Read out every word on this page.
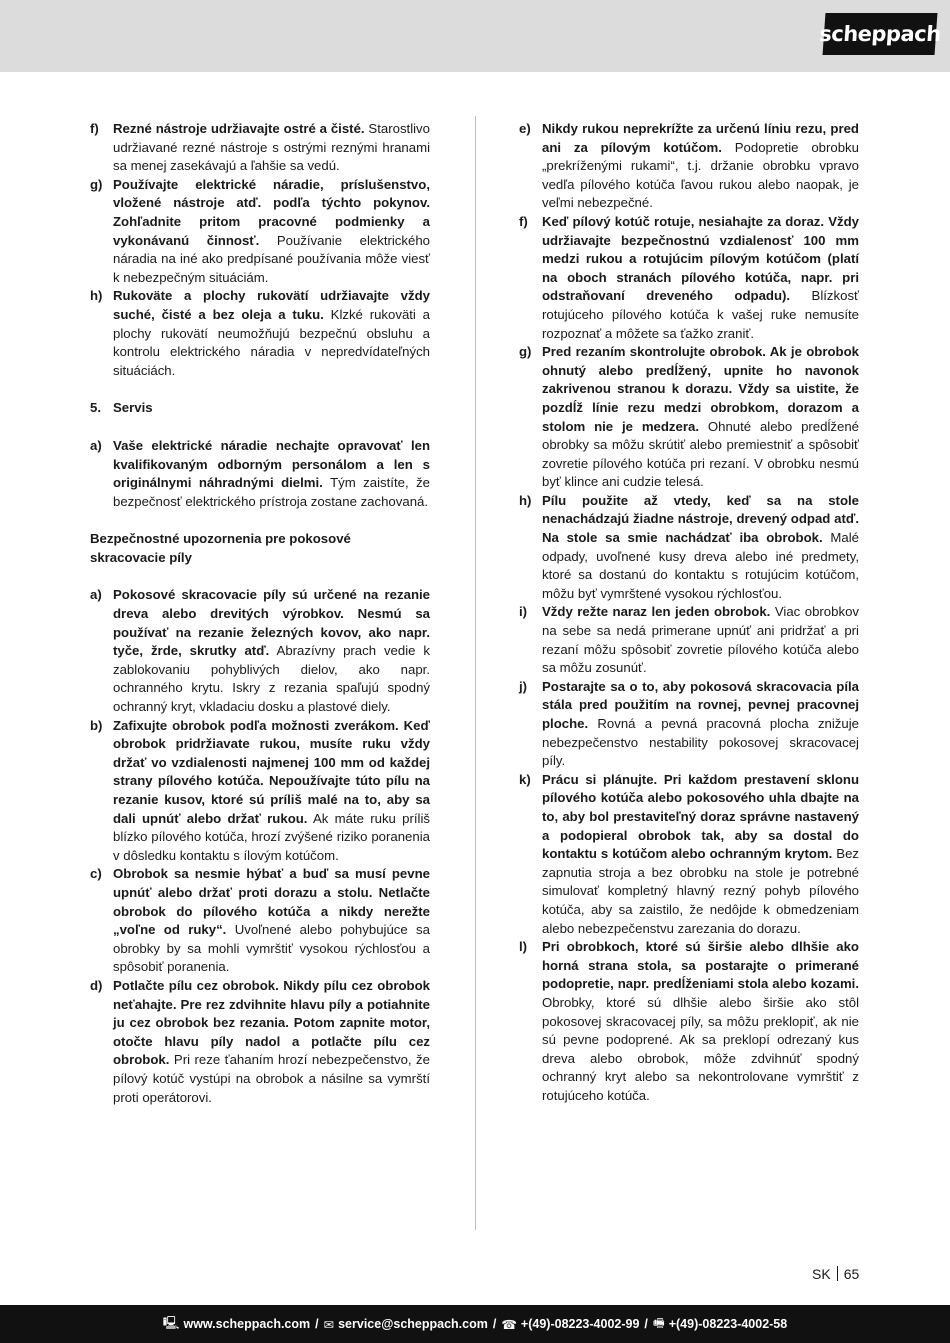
scheppach
f)	Rezné nástroje udržiavajte ostré a čisté. Starostlivo udržiavané rezné nástroje s ostrými reznými hranami sa menej zasekávajú a ľahšie sa vedú.
g) Používajte elektrické náradie, príslušenstvo, vložené nástroje atď. podľa týchto pokynov. Zohľadnite pritom pracovné podmienky a vykonávanú činnosť. Používanie elektrického náradia na iné ako predpísané používania môže viesť k nebezpečným situáciám.
h) Rukoväte a plochy rukovätí udržiavajte vždy suché, čisté a bez oleja a tuku. Klzké rukoväti a plochy rukovätí neumožňujú bezpečnú obsluhu a kontrolu elektrického náradia v nepredvídateľných situáciách.
5. Servis
a) Vaše elektrické náradie nechajte opravovať len kvalifikovaným odborným personálom a len s originálnymi náhradnými dielmi. Tým zaistíte, že bezpečnosť elektrického prístroja zostane zachovaná.
Bezpečnostné upozornenia pre pokosové skracovacie píly
a) Pokosové skracovacie píly sú určené na rezanie dreva alebo drevitých výrobkov. Nesmú sa používať na rezanie železných kovov, ako napr. tyče, žrde, skrutky atď. Abrazívny prach vedie k zablokovaniu pohyblivých dielov, ako napr. ochranného krytu. Iskry z rezania spaľujú spodný ochranný kryt, vkladaciu dosku a plastové diely.
b) Zafixujte obrobok podľa možnosti zverákom. Keď obrobok pridržiavate rukou, musíte ruku vždy držať vo vzdialenosti najmenej 100 mm od každej strany pílového kotúča. Nepoužívajte túto pílu na rezanie kusov, ktoré sú príliš malé na to, aby sa dali upnúť alebo držať rukou. Ak máte ruku príliš blízko pílového kotúča, hrozí zvýšené riziko poranenia v dôsledku kontaktu s ílovým kotúčom.
c) Obrobok sa nesmie hýbať a buď sa musí pevne upnúť alebo držať proti dorazu a stolu. Netlačte obrobok do pílového kotúča a nikdy nerežte „voľne od ruky“. Uvoľnené alebo pohybujúce sa obrobky by sa mohli vymrštiť vysokou rýchlosťou a spôsobiť poranenia.
d) Potlačte pílu cez obrobok. Nikdy pílu cez obrobok neťahajte. Pre rez zdvihnite hlavu píly a potiahnite ju cez obrobok bez rezania. Potom zapnite motor, otočte hlavu píly nadol a potlačte pílu cez obrobok. Pri reze ťahaním hrozí nebezpečenstvo, že pílový kotúč vystúpi na obrobok a násilne sa vymrští proti operátorovi.
e) Nikdy rukou neprekrížte za určenú líniu rezu, pred ani za pílovým kotúčom. Podopretie obrobku „prekríženými rukami“, t.j. držanie obrobku vpravo vedľa pílového kotúča ľavou rukou alebo naopak, je veľmi nebezpečné.
f)	Keď pílový kotúč rotuje, nesiahajte za doraz. Vždy udržiavajte bezpečnostnú vzdialenosť 100 mm medzi rukou a rotujúcim pílovým kotúčom (platí na oboch stranách pílového kotúča, napr. pri odstraňovaní dreveného odpadu). Blízkosť rotujúceho pílového kotúča k vašej ruke nemusíte rozpoznať a môžete sa ťažko zraniť.
g) Pred rezaním skontrolujte obrobok. Ak je obrobok ohnutý alebo predĺžený, upnite ho navonok zakrivenou stranou k dorazu. Vždy sa uistite, že pozdĺž línie rezu medzi obrobkom, dorazom a stolom nie je medzera. Ohnuté alebo predĺžené obrobky sa môžu skrútiť alebo premiestniť a spôsobiť zovretie pílového kotúča pri rezaní. V obrobku nesmú byť klince ani cudzie telesá.
h) Pílu použite až vtedy, keď sa na stole nenachádzajú žiadne nástroje, drevený odpad atď. Na stole sa smie nachádzať iba obrobok. Malé odpady, uvoľnené kusy dreva alebo iné predmety, ktoré sa dostanú do kontaktu s rotujúcim kotúčom, môžu byť vymrštené vysokou rýchlosťou.
i)	Vždy režte naraz len jeden obrobok. Viac obrobkov na sebe sa nedá primerane upnúť ani pridržať a pri rezaní môžu spôsobiť zovretie pílového kotúča alebo sa môžu zosunúť.
j)	Postarajte sa o to, aby pokosová skracovacia píla stála pred použitím na rovnej, pevnej pracovnej ploche. Rovná a pevná pracovná plocha znižuje nebezpečenstvo nestability pokosovej skracovacej píly.
k) Prácu si plánujte. Pri každom prestavení sklonu pílového kotúča alebo pokosového uhla dbajte na to, aby bol prestaviteľný doraz správne nastavený a podopieral obrobok tak, aby sa dostal do kontaktu s kotúčom alebo ochranným krytom. Bez zapnutia stroja a bez obrobku na stole je potrebné simulovať kompletný hlavný rezný pohyb pílového kotúča, aby sa zaistilo, že nedôjde k obmedzeniam alebo nebezpečenstvu zarezania do dorazu.
l)	Pri obrobkoch, ktoré sú širšie alebo dlhšie ako horná strana stola, sa postarajte o primerané podopretie, napr. predĺženiami stola alebo kozami. Obrobky, ktoré sú dlhšie alebo širšie ako stôl pokosovej skracovacej píly, sa môžu preklopiť, ak nie sú pevne podoprené. Ak sa preklopí odrezaný kus dreva alebo obrobok, môže zdvihnúť spodný ochranný kryt alebo sa nekontrolovane vymrštiť z rotujúceho kotúča.
SK 65
🖳 www.scheppach.com / ✉ service@scheppach.com / ☎ +(49)-08223-4002-99 / 🖷 +(49)-08223-4002-58
